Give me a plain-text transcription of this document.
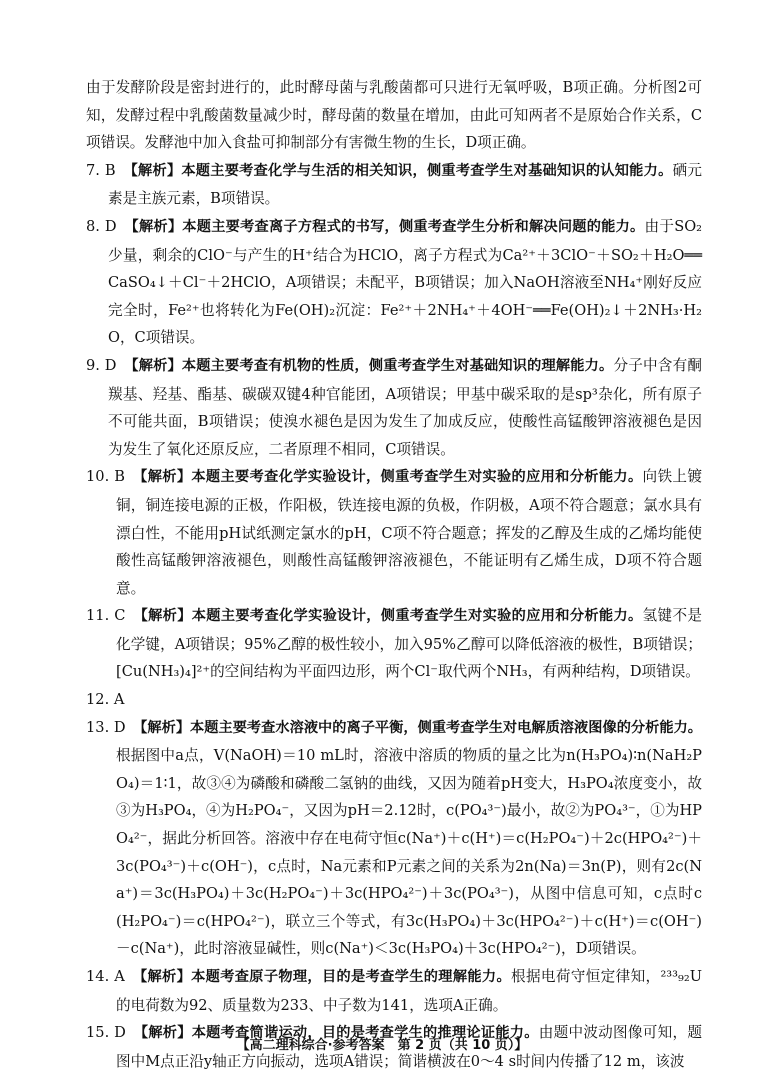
由于发酵阶段是密封进行的，此时酵母菌与乳酸菌都可只进行无氧呼吸，B项正确。分析图2可知，发酵过程中乳酸菌数量减少时，酵母菌的数量在增加，由此可知两者不是原始合作关系，C项错误。发酵池中加入食盐可抑制部分有害微生物的生长，D项正确。

7. B　 【解析】本题主要考查化学与生活的相关知识，侧重考查学生对基础知识的认知能力。硒元素是主族元素，B项错误。

8. D　 【解析】本题主要考查离子方程式的书写，侧重考查学生分析和解决问题的能力。由于SO₂少量，剩余的ClO⁻与产生的H⁺结合为HClO，离子方程式为Ca²⁺＋3ClO⁻＋SO₂＋H₂O══CaSO₄↓＋Cl⁻＋2HClO，A项错误；未配平，B项错误；加入NaOH溶液至NH₄⁺刚好反应完全时，Fe²⁺也将转化为Fe(OH)₂沉淀：Fe²⁺＋2NH₄⁺＋4OH⁻══Fe(OH)₂↓＋2NH₃·H₂O，C项错误。

9. D　 【解析】本题主要考查有机物的性质，侧重考查学生对基础知识的理解能力。分子中含有酮羰基、羟基、酯基、碳碳双键4种官能团，A项错误；甲基中碳采取的是sp³杂化，所有原子不可能共面，B项错误；使溴水褪色是因为发生了加成反应，使酸性高锰酸钾溶液褪色是因为发生了氧化还原反应，二者原理不相同，C项错误。

10. B　 【解析】本题主要考查化学实验设计，侧重考查学生对实验的应用和分析能力。向铁上镀铜，铜连接电源的正极，作阳极，铁连接电源的负极，作阴极，A项不符合题意；氯水具有漂白性，不能用pH试纸测定氯水的pH，C项不符合题意；挥发的乙醇及生成的乙烯均能使酸性高锰酸钾溶液褪色，则酸性高锰酸钾溶液褪色，不能证明有乙烯生成，D项不符合题意。

11. C　 【解析】本题主要考查化学实验设计，侧重考查学生对实验的应用和分析能力。氢键不是化学键，A项错误；95%乙醇的极性较小，加入95%乙醇可以降低溶液的极性，B项错误；[Cu(NH₃)₄]²⁺的空间结构为平面四边形，两个Cl⁻取代两个NH₃，有两种结构，D项错误。

12. A

13. D　 【解析】本题主要考查水溶液中的离子平衡，侧重考查学生对电解质溶液图像的分析能力。根据图中a点，V(NaOH)＝10 mL时，溶液中溶质的物质的量之比为n(H₃PO₄)∶n(NaH₂PO₄)＝1∶1，故③④为磷酸和磷酸二氢钠的曲线，又因为随着pH变大，H₃PO₄浓度变小，故③为H₃PO₄，④为H₂PO₄⁻，又因为pH＝2.12时，c(PO₄³⁻)最小，故②为PO₄³⁻，①为HPO₄²⁻，据此分析回答。溶液中存在电荷守恒c(Na⁺)＋c(H⁺)＝c(H₂PO₄⁻)＋2c(HPO₄²⁻)＋3c(PO₄³⁻)＋c(OH⁻)，c点时，Na元素和P元素之间的关系为2n(Na)＝3n(P)，则有2c(Na⁺)＝3c(H₃PO₄)＋3c(H₂PO₄⁻)＋3c(HPO₄²⁻)＋3c(PO₄³⁻)，从图中信息可知，c点时c(H₂PO₄⁻)＝c(HPO₄²⁻)，联立三个等式，有3c(H₃PO₄)＋3c(HPO₄²⁻)＋c(H⁺)＝c(OH⁻)－c(Na⁺)，此时溶液显碱性，则c(Na⁺)＜3c(H₃PO₄)＋3c(HPO₄²⁻)，D项错误。

14. A　 【解析】本题考查原子物理，目的是考查学生的理解能力。根据电荷守恒定律知，²³³₉₂U的电荷数为92、质量数为233、中子数为141，选项A正确。

15. D　 【解析】本题考查简谐运动，目的是考查学生的推理论证能力。由题中波动图像可知，题图中M点正沿y轴正方向振动，选项A错误；简谐横波在0～4 s时间内传播了12 m，该波

【高二理科综合·参考答案　第 2 页（共 10 页）】
